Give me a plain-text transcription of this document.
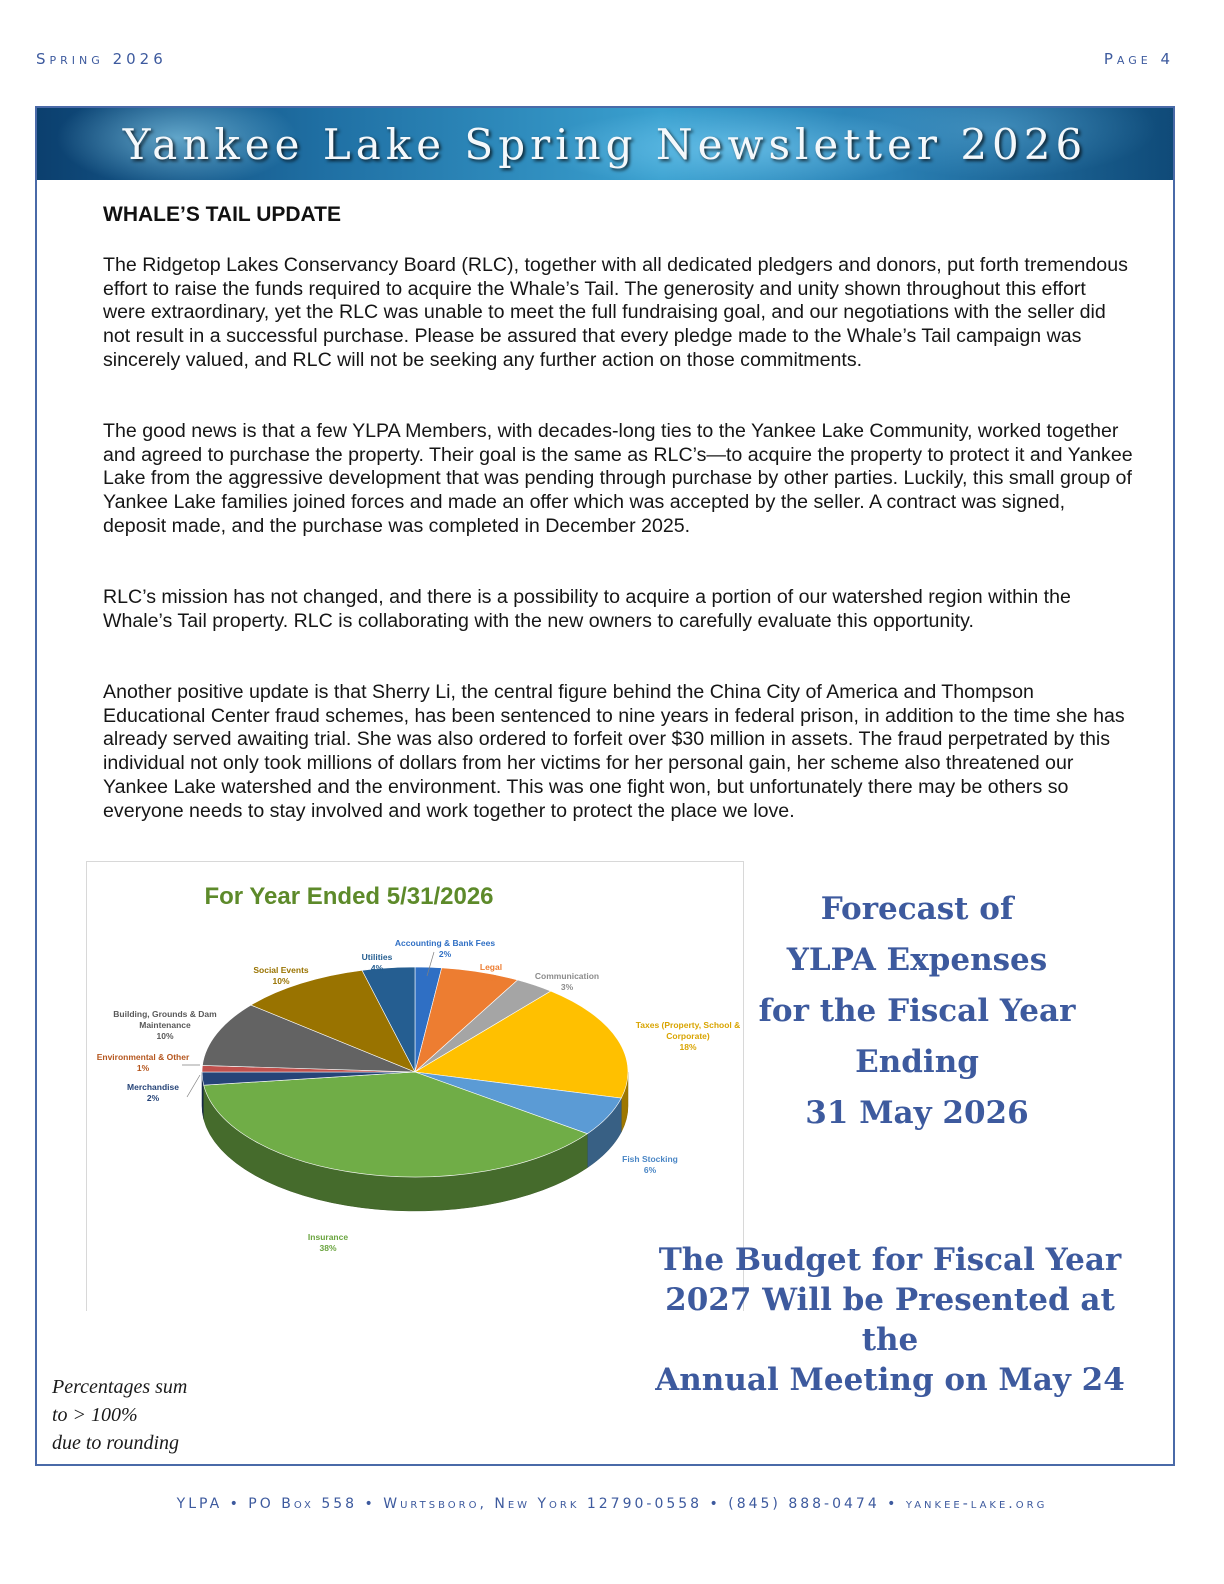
Spring 2026	Page 4
Yankee Lake Spring Newsletter 2026
WHALE’S TAIL UPDATE

The Ridgetop Lakes Conservancy Board (RLC), together with all dedicated pledgers and donors, put forth tremendous effort to raise the funds required to acquire the Whale’s Tail. The generosity and unity shown throughout this effort were extraordinary, yet the RLC was unable to meet the full fundraising goal, and our negotiations with the seller did not result in a successful purchase. Please be assured that every pledge made to the Whale’s Tail campaign was sincerely valued, and RLC will not be seeking any further action on those commitments.

The good news is that a few YLPA Members, with decades-long ties to the Yankee Lake Community, worked together and agreed to purchase the property. Their goal is the same as RLC’s—to acquire the property to protect it and Yankee Lake from the aggressive development that was pending through purchase by other parties. Luckily, this small group of Yankee Lake families joined forces and made an offer which was accepted by the seller. A contract was signed, deposit made, and the purchase was completed in December 2025.

RLC’s mission has not changed, and there is a possibility to acquire a portion of our watershed region within the Whale’s Tail property. RLC is collaborating with the new owners to carefully evaluate this opportunity.

Another positive update is that Sherry Li, the central figure behind the China City of America and Thompson Educational Center fraud schemes, has been sentenced to nine years in federal prison, in addition to the time she has already served awaiting trial. She was also ordered to forfeit over $30 million in assets. The fraud perpetrated by this individual not only took millions of dollars from her victims for her personal gain, her scheme also threatened our Yankee Lake watershed and the environment. This was one fight won, but unfortunately there may be others so everyone needs to stay involved and work together to protect the place we love.

For Year Ended 5/31/2026
Accounting & Bank Fees 2%
Legal 6%	Communication 3%
Taxes (Property, School & Corporate) 18%
Fish Stocking 6%
Insurance 38%
Merchandise 2%
Environmental & Other 1%
Building, Grounds & Dam Maintenance 10%
Social Events 10%
Utilities 4%
Forecast of
YLPA Expenses
for the Fiscal Year
Ending
31 May 2026
The Budget for Fiscal Year
2027 Will be Presented at the
Annual Meeting on May 24
Percentages sum
to > 100%
due to rounding
YLPA • PO Box 558 • Wurtsboro, New York 12790-0558 • (845) 888-0474 • yankee-lake.org
